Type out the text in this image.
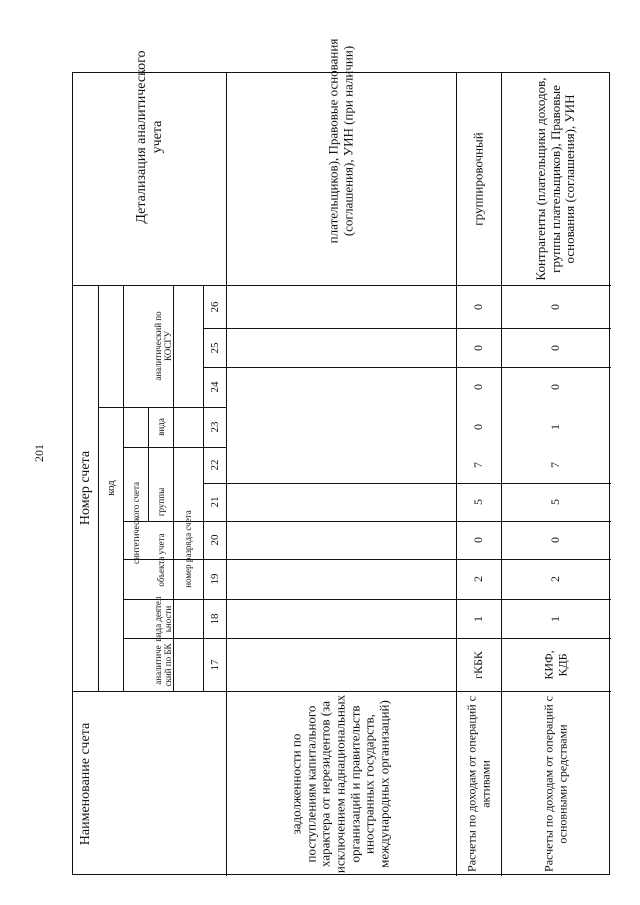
201
Наименование счета
Номер счета код
аналитиче ский по БК
вида деятел ьности
синтетического счета объекта учета
группы
вида
аналитический по КОСГУ
номер разряда счета
17
18
19
20
21
22
23
24
25
26
Детализация аналитического учета
задолженности по поступлениям капитального характера от нерезидентов (за исключением наднациональных организаций и правительств иностранных государств, международных организаций)
плательщиков), Правовые основания (соглашения), УИН (при наличии)
Расчеты по доходам от операций с активами
гКБК
1
2
0
5
7
0
0
0
0
группировочный
Расчеты по доходам от операций с основными средствами
КИФ, КДБ
1
2
0
5
7
1
0
0
0
Контрагенты (плательщики доходов, группы плательщиков), Правовые основания (соглашения), УИН
